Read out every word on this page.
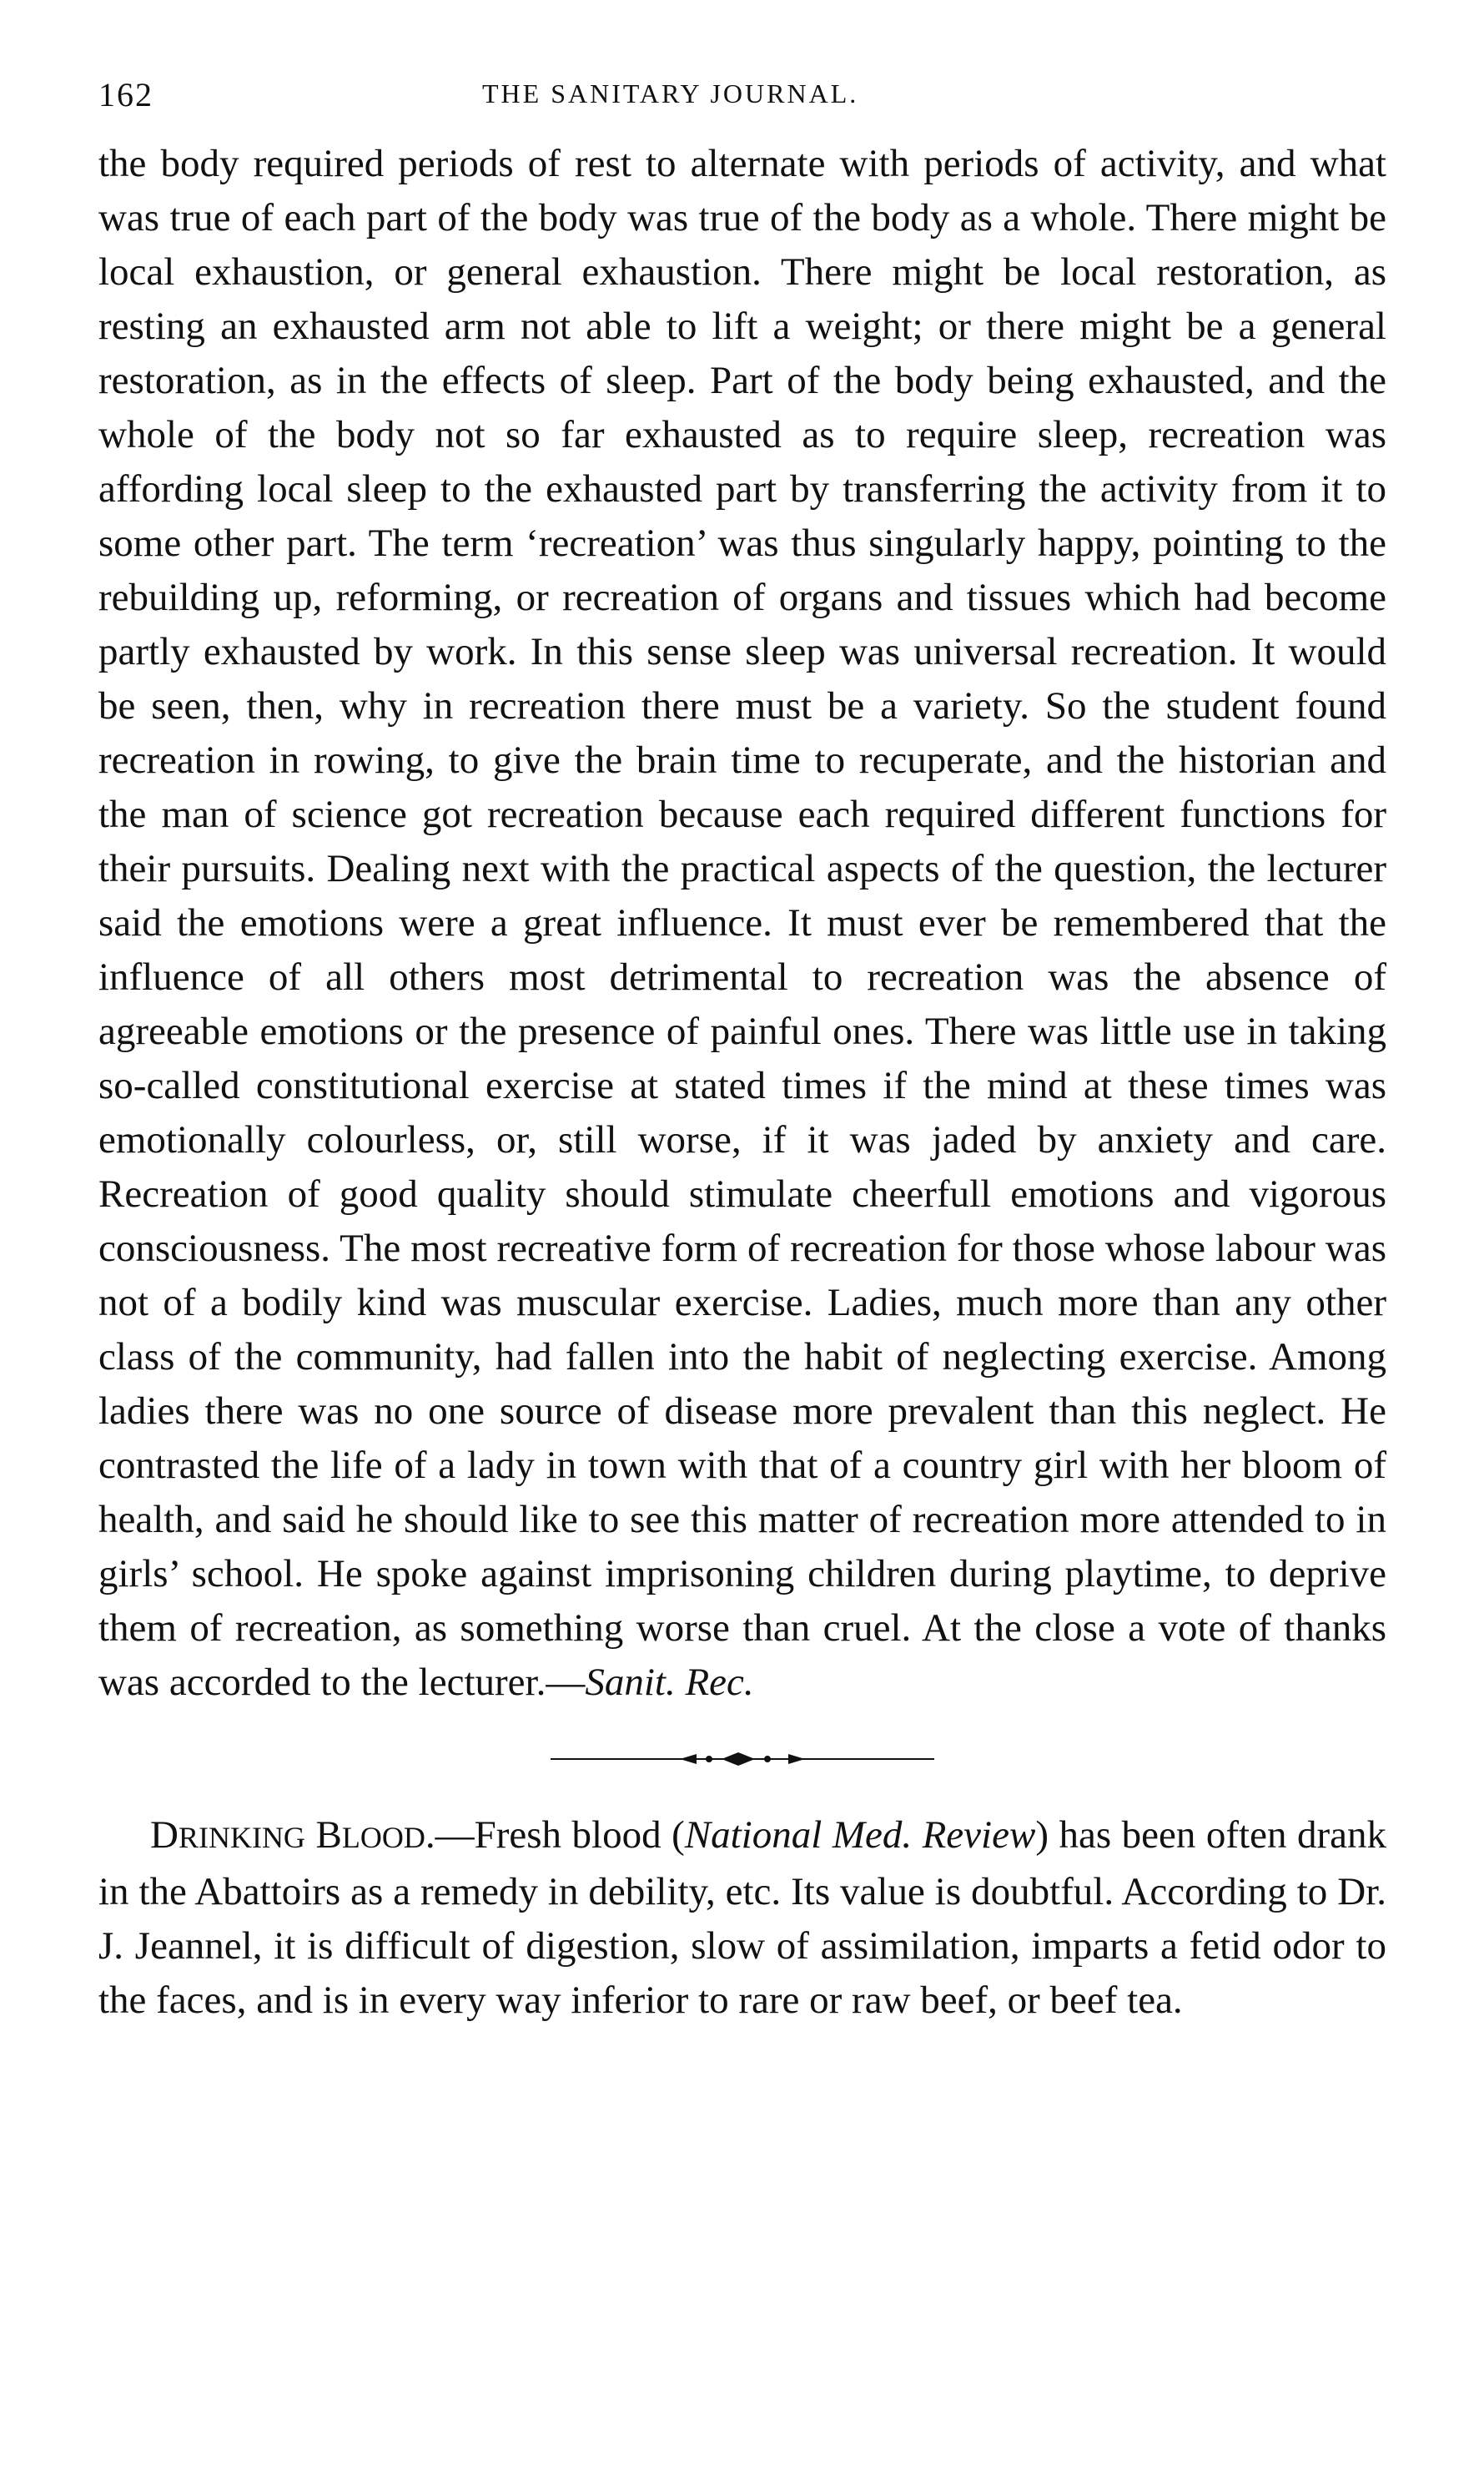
162	THE SANITARY JOURNAL.

the body required periods of rest to alternate with periods of activity, and what was true of each part of the body was true of the body as a whole. There might be local exhaustion, or general exhaustion. There might be local restoration, as resting an exhausted arm not able to lift a weight; or there might be a general restoration, as in the effects of sleep. Part of the body being exhausted, and the whole of the body not so far exhausted as to require sleep, recreation was affording local sleep to the exhausted part by transferring the activity from it to some other part. The term ‘recreation’ was thus singularly happy, pointing to the rebuilding up, reforming, or recreation of organs and tissues which had become partly exhausted by work. In this sense sleep was universal recreation. It would be seen, then, why in recreation there must be a variety. So the student found recreation in rowing, to give the brain time to recuperate, and the historian and the man of science got recreation because each required different functions for their pursuits. Dealing next with the practical aspects of the question, the lecturer said the emotions were a great influence. It must ever be remembered that the influence of all others most detrimental to recreation was the absence of agreeable emotions or the presence of painful ones. There was little use in taking so-called constitutional exercise at stated times if the mind at these times was emotionally colourless, or, still worse, if it was jaded by anxiety and care. Recreation of good quality should stimulate cheerfull emotions and vigorous consciousness. The most recreative form of recreation for those whose labour was not of a bodily kind was muscular exercise. Ladies, much more than any other class of the community, had fallen into the habit of neglecting exercise. Among ladies there was no one source of disease more prevalent than this neglect. He contrasted the life of a lady in town with that of a country girl with her bloom of health, and said he should like to see this matter of recreation more attended to in girls’ school. He spoke against imprisoning children during playtime, to deprive them of recreation, as something worse than cruel. At the close a vote of thanks was accorded to the lecturer.—Sanit. Rec.

DRINKING BLOOD.—Fresh blood (National Med. Review) has been often drank in the Abattoirs as a remedy in debility, etc. Its value is doubtful. According to Dr. J. Jeannel, it is difficult of digestion, slow of assimilation, imparts a fetid odor to the faces, and is in every way inferior to rare or raw beef, or beef tea.
